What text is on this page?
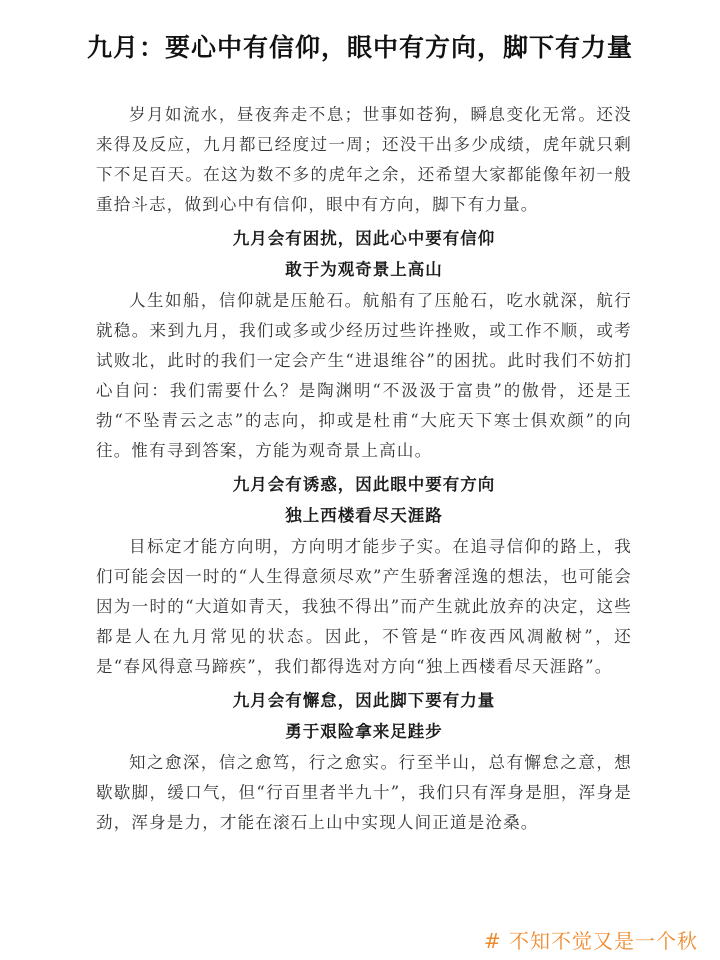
九月：要心中有信仰，眼中有方向，脚下有力量

岁月如流水，昼夜奔走不息；世事如苍狗，瞬息变化无常。还没来得及反应，九月都已经度过一周；还没干出多少成绩，虎年就只剩下不足百天。在这为数不多的虎年之余，还希望大家都能像年初一般重拾斗志，做到心中有信仰，眼中有方向，脚下有力量。

九月会有困扰，因此心中要有信仰

敢于为观奇景上高山

人生如船，信仰就是压舱石。航船有了压舱石，吃水就深，航行就稳。来到九月，我们或多或少经历过些许挫败，或工作不顺，或考试败北，此时的我们一定会产生“进退维谷”的困扰。此时我们不妨扪心自问：我们需要什么？是陶渊明“不汲汲于富贵”的傲骨，还是王勃“不坠青云之志”的志向，抑或是杜甫“大庇天下寒士俱欢颜”的向往。惟有寻到答案，方能为观奇景上高山。

九月会有诱惑，因此眼中要有方向

独上西楼看尽天涯路

目标定才能方向明，方向明才能步子实。在追寻信仰的路上，我们可能会因一时的“人生得意须尽欢”产生骄奢淫逸的想法，也可能会因为一时的“大道如青天，我独不得出”而产生就此放弃的决定，这些都是人在九月常见的状态。因此，不管是“昨夜西风凋敝树”，还是“春风得意马蹄疾”，我们都得选对方向“独上西楼看尽天涯路”。

九月会有懈怠，因此脚下要有力量

勇于艰险拿来足跬步

知之愈深，信之愈笃，行之愈实。行至半山，总有懈怠之意，想歇歇脚，缓口气，但“行百里者半九十”，我们只有浑身是胆，浑身是劲，浑身是力，才能在滚石上山中实现人间正道是沧桑。

# 不知不觉又是一个秋
